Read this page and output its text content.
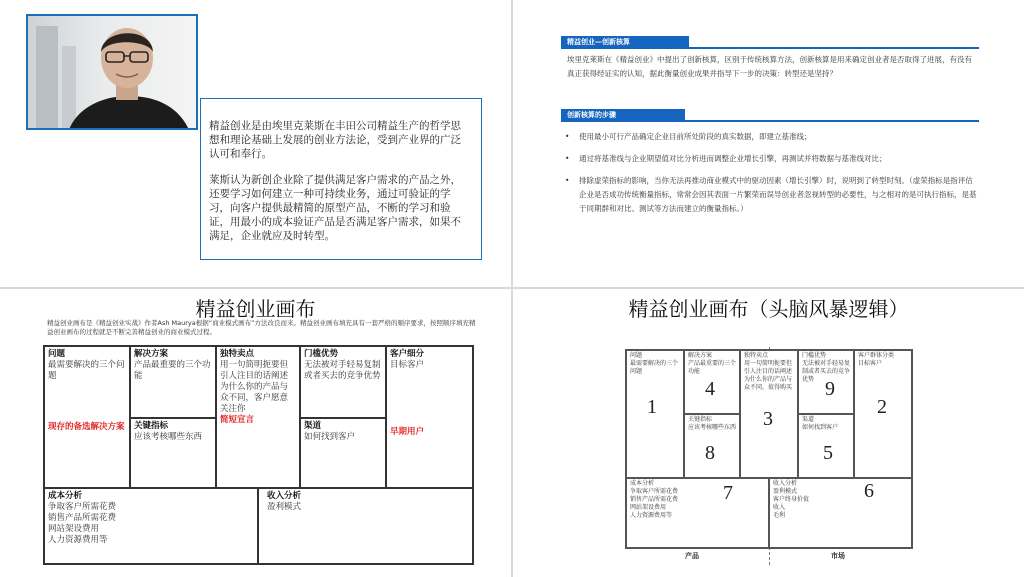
精益创业是由埃里克莱斯在丰田公司精益生产的哲学思想和理论基础上发展的创业方法论，受到产业界的广泛认可和奉行。

莱斯认为新创企业除了提供满足客户需求的产品之外，还要学习如何建立一种可持续业务，通过可验证的学习，向客户提供最精简的原型产品，不断的学习和验证，用最小的成本验证产品是否满足客户需求，如果不满足，企业就应及时转型。

精益创业—创新核算
埃里克莱斯在《精益创业》中提出了创新核算，区别于传统核算方法，创新核算是用来确定创业者是否取得了进展，有没有真正获得经证实的认知，据此衡量创业成果并指导下一步的决策：转型还是坚持？
创新核算的步骤
• 使用最小可行产品确定企业目前所处阶段的真实数据，即建立基准线；
• 通过将基准线与企业期望值对比分析进而调整企业增长引擎，再测试并将数据与基准线对比；
• 排除虚荣指标的影响，当你无法再推动商业模式中的驱动因素（增长引擎）时，说明到了转型时刻。（虚荣指标是指评估企业是否成功传统衡量指标，常常会因其表面一片繁荣而误导创业者忽视转型的必要性，与之相对的是可执行指标，是基于同期群和对比、测试等方法而建立的衡量指标。）
精益创业画布
精益创业画布是《精益创业实战》作者Ash Maurya根据“商业模式画布”方法改良而来。精益创业画布填充具有一套严格的顺序要求，按照顺序填充精益创业画布的过程就是不断完善精益创业的商业模式过程。
问题
最需要解决的三个问题
现存的备选解决方案
解决方案
产品最重要的三个功能
关键指标
应该考核哪些东西
独特卖点
用一句简明扼要但引人注目的话阐述为什么你的产品与众不同，客户愿意关注你
简短宣言
门槛优势
无法被对手轻易复制或者买去的竞争优势
渠道
如何找到客户
客户细分
目标客户
早期用户
成本分析
争取客户所需花费
销售产品所需花费
网站架设费用
人力资源费用等
收入分析
盈利模式
精益创业画布（头脑风暴逻辑）
问题
最需要解决的三个问题
1
解决方案
产品最重要的三个功能
4
关键指标
应该考核哪些东西
8
独特卖点
用一句简明扼要但引人注目的话阐述为什么你的产品与众不同，值得购买
3
门槛优势
无法被对手轻易复制或者买去的竞争优势 9
渠道
如何找到客户
5
客户群体分类
目标客户
2
成本分析
争取客户所需花费
销售产品所需花费
网站架设费用
人力资源费用等
7	收入分析
盈利模式
客户终身价值
收入
毛利
6
产品	市场
